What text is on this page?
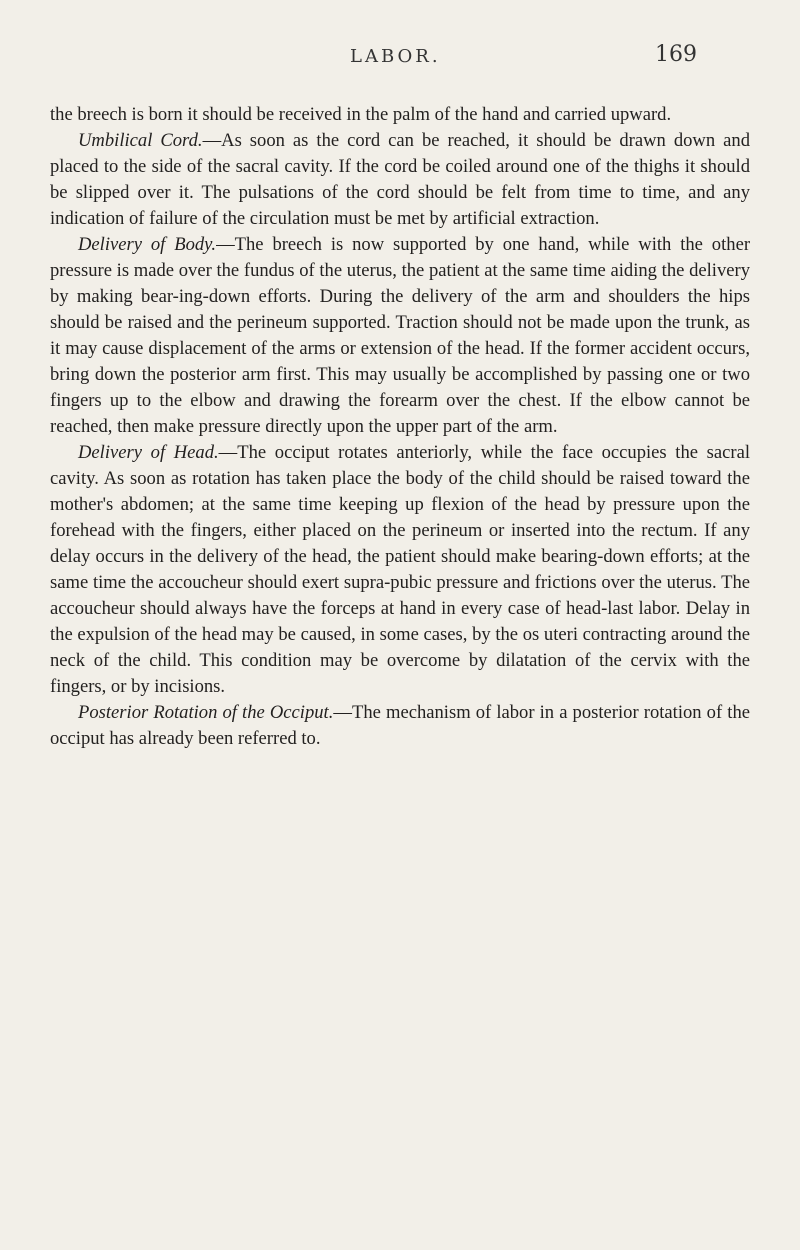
LABOR.	169

the breech is born it should be received in the palm of the hand and carried upward.

Umbilical Cord.—As soon as the cord can be reached, it should be drawn down and placed to the side of the sacral cavity. If the cord be coiled around one of the thighs it should be slipped over it. The pulsations of the cord should be felt from time to time, and any indication of failure of the circulation must be met by artificial extraction.

Delivery of Body.—The breech is now supported by one hand, while with the other pressure is made over the fundus of the uterus, the patient at the same time aiding the delivery by making bear-ing-down efforts. During the delivery of the arm and shoulders the hips should be raised and the perineum supported. Traction should not be made upon the trunk, as it may cause displacement of the arms or extension of the head. If the former accident occurs, bring down the posterior arm first. This may usually be accomplished by passing one or two fingers up to the elbow and drawing the forearm over the chest. If the elbow cannot be reached, then make pressure directly upon the upper part of the arm.

Delivery of Head.—The occiput rotates anteriorly, while the face occupies the sacral cavity. As soon as rotation has taken place the body of the child should be raised toward the mother's abdomen; at the same time keeping up flexion of the head by pressure upon the forehead with the fingers, either placed on the perineum or inserted into the rectum. If any delay occurs in the delivery of the head, the patient should make bearing-down efforts; at the same time the accoucheur should exert supra-pubic pressure and frictions over the uterus. The accoucheur should always have the forceps at hand in every case of head-last labor. Delay in the expulsion of the head may be caused, in some cases, by the os uteri contracting around the neck of the child. This condition may be overcome by dilatation of the cervix with the fingers, or by incisions.

Posterior Rotation of the Occiput.—The mechanism of labor in a posterior rotation of the occiput has already been referred to.
